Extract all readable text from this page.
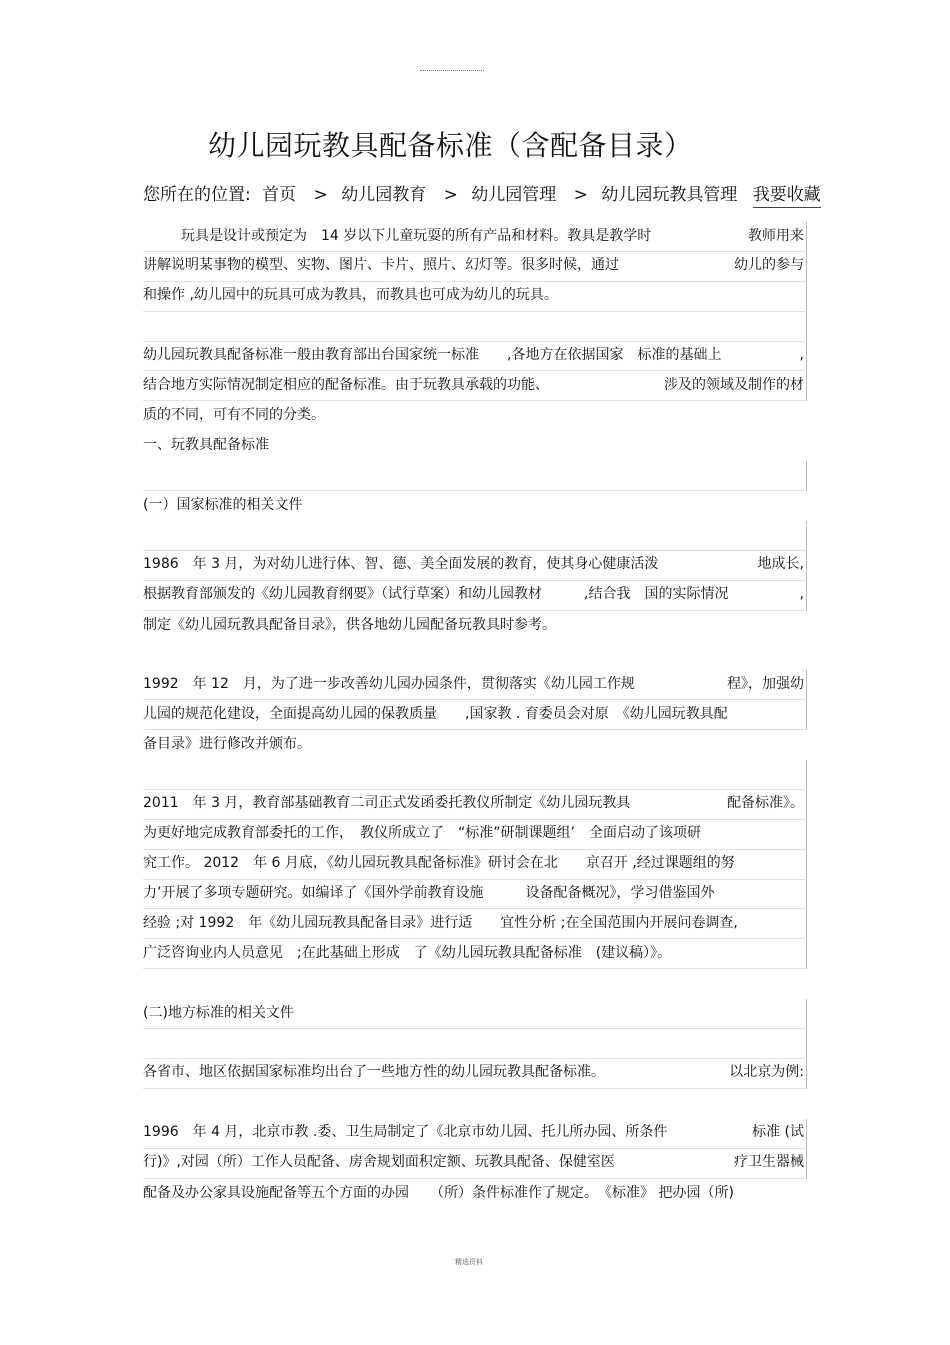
幼儿园玩教具配备标准（含配备目录）
您所在的位置: 首页 > 幼儿园教育 > 幼儿园管理 > 幼儿园玩教具管理 我要收藏
玩具是设计或预定为　14 岁以下儿童玩耍的所有产品和材料。教具是教学时	教师用来
讲解说明某事物的模型、实物、图片、卡片、照片、幻灯等。很多时候，通过	幼儿的参与
和操作 ,幼儿园中的玩具可成为教具，而教具也可成为幼儿的玩具。
幼儿园玩教具配备标准一般由教育部出台国家统一标准　　,各地方在依据国家　标准的基础上	,
结合地方实际情况制定相应的配备标准。由于玩教具承载的功能、	涉及的领域及制作的材
质的不同，可有不同的分类。
一、玩教具配备标准
(一）国家标准的相关文件
1986　年 3 月，为对幼儿进行体、智、德、美全面发展的教育，使其身心健康活泼	地成长,
根据教育部颁发的《幼儿园教育纲要》（试行草案）和幼儿园教材　　　,结合我　国的实际情况	,
制定《幼儿园玩教具配备目录》，供各地幼儿园配备玩教具时参考。
1992　年 12　月，为了进一步改善幼儿园办园条件，贯彻落实《幼儿园工作规	程》，加强幼
儿园的规范化建设，全面提高幼儿园的保教质量　　,国家教 . 育委员会对原　《幼儿园玩教具配
备目录》进行修改并颁布。
2011　年 3 月，教育部基础教育二司正式发函委托教仪所制定《幼儿园玩教具	配备标准》。
为更好地完成教育部委托的工作，　教仪所成立了　“标准”研制课题组’　全面启动了该项研
究工作。 2012　年 6 月底，《幼儿园玩教具配备标准》研讨会在北　　京召开 ,经过课题组的努
力’开展了多项专题研究。如编译了《国外学前教育设施　　　设备配备概况》，学习借鉴国外
经验 ;对 1992　年《幼儿园玩教具配备目录》进行适　　宜性分析 ;在全国范围内开展问卷调查,
广泛咨询业内人员意见　;在此基础上形成　了《幼儿园玩教具配备标准　(建议稿）》。
(二)地方标准的相关文件
各省市、地区依据国家标准均出台了一些地方性的幼儿园玩教具配备标准。	以北京为例:
1996　年 4 月，北京市教 .委、卫生局制定了《北京市幼儿园、托儿所办园、所条件	标准 (试
行)》,对园（所）工作人员配备、房舍规划面积定额、玩教具配备、保健室医	疗卫生器械
配备及办公家具设施配备等五个方面的办园　　（所）条件标准作了规定。　《标准》 把办园（所)
精选资料
